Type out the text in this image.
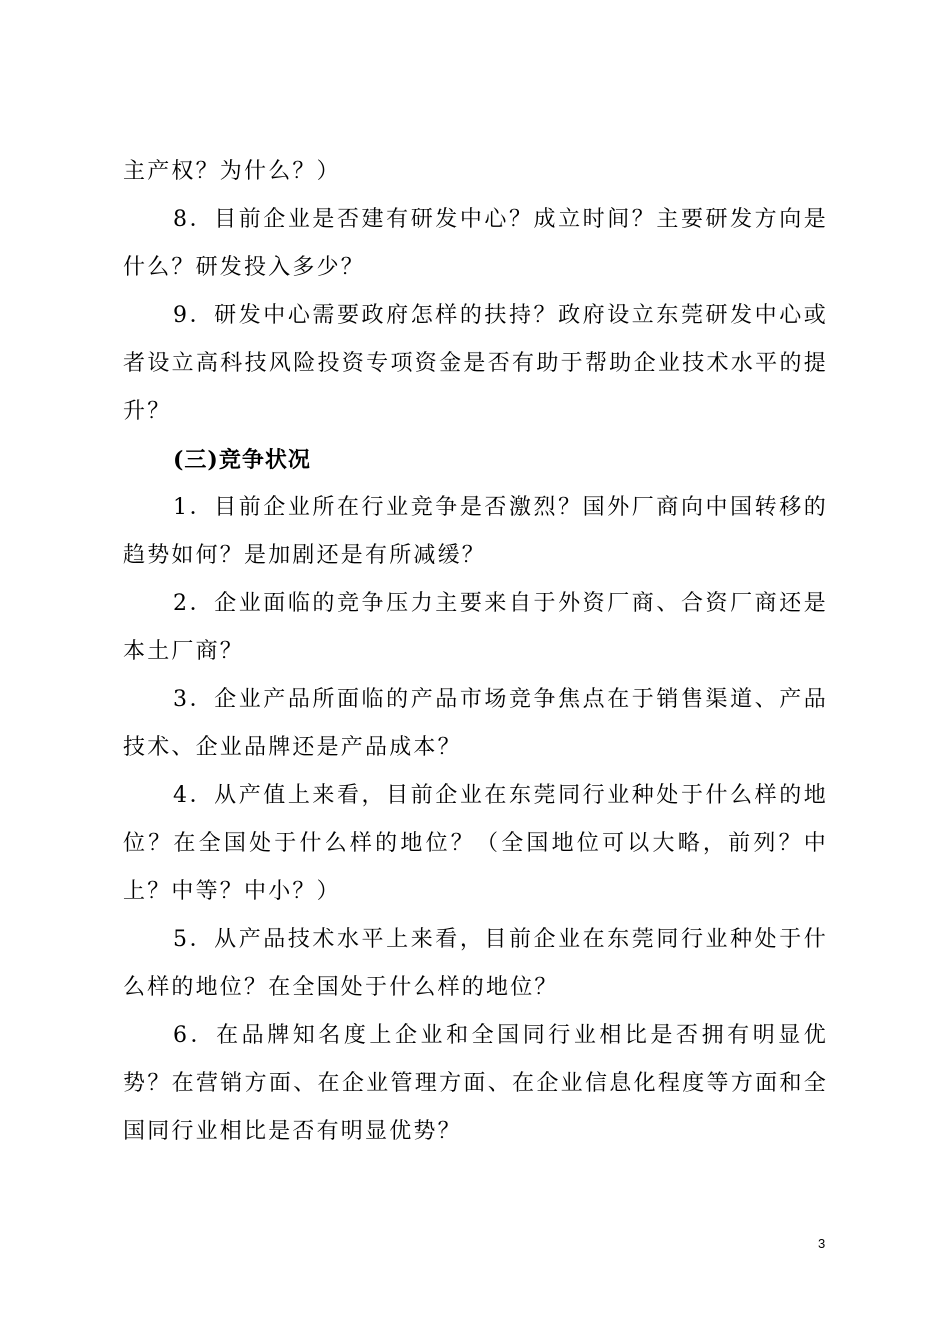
主产权？为什么？）

8．目前企业是否建有研发中心？成立时间？主要研发方向是什么？研发投入多少？

9．研发中心需要政府怎样的扶持？政府设立东莞研发中心或者设立高科技风险投资专项资金是否有助于帮助企业技术水平的提升？

(三)竞争状况

1．目前企业所在行业竞争是否激烈？国外厂商向中国转移的趋势如何？是加剧还是有所减缓？

2．企业面临的竞争压力主要来自于外资厂商、合资厂商还是本土厂商？

3．企业产品所面临的产品市场竞争焦点在于销售渠道、产品技术、企业品牌还是产品成本？

4．从产值上来看，目前企业在东莞同行业种处于什么样的地位？在全国处于什么样的地位？（全国地位可以大略，前列？中上？中等？中小？）

5．从产品技术水平上来看，目前企业在东莞同行业种处于什么样的地位？在全国处于什么样的地位？

6．在品牌知名度上企业和全国同行业相比是否拥有明显优势？在营销方面、在企业管理方面、在企业信息化程度等方面和全国同行业相比是否有明显优势？

3
